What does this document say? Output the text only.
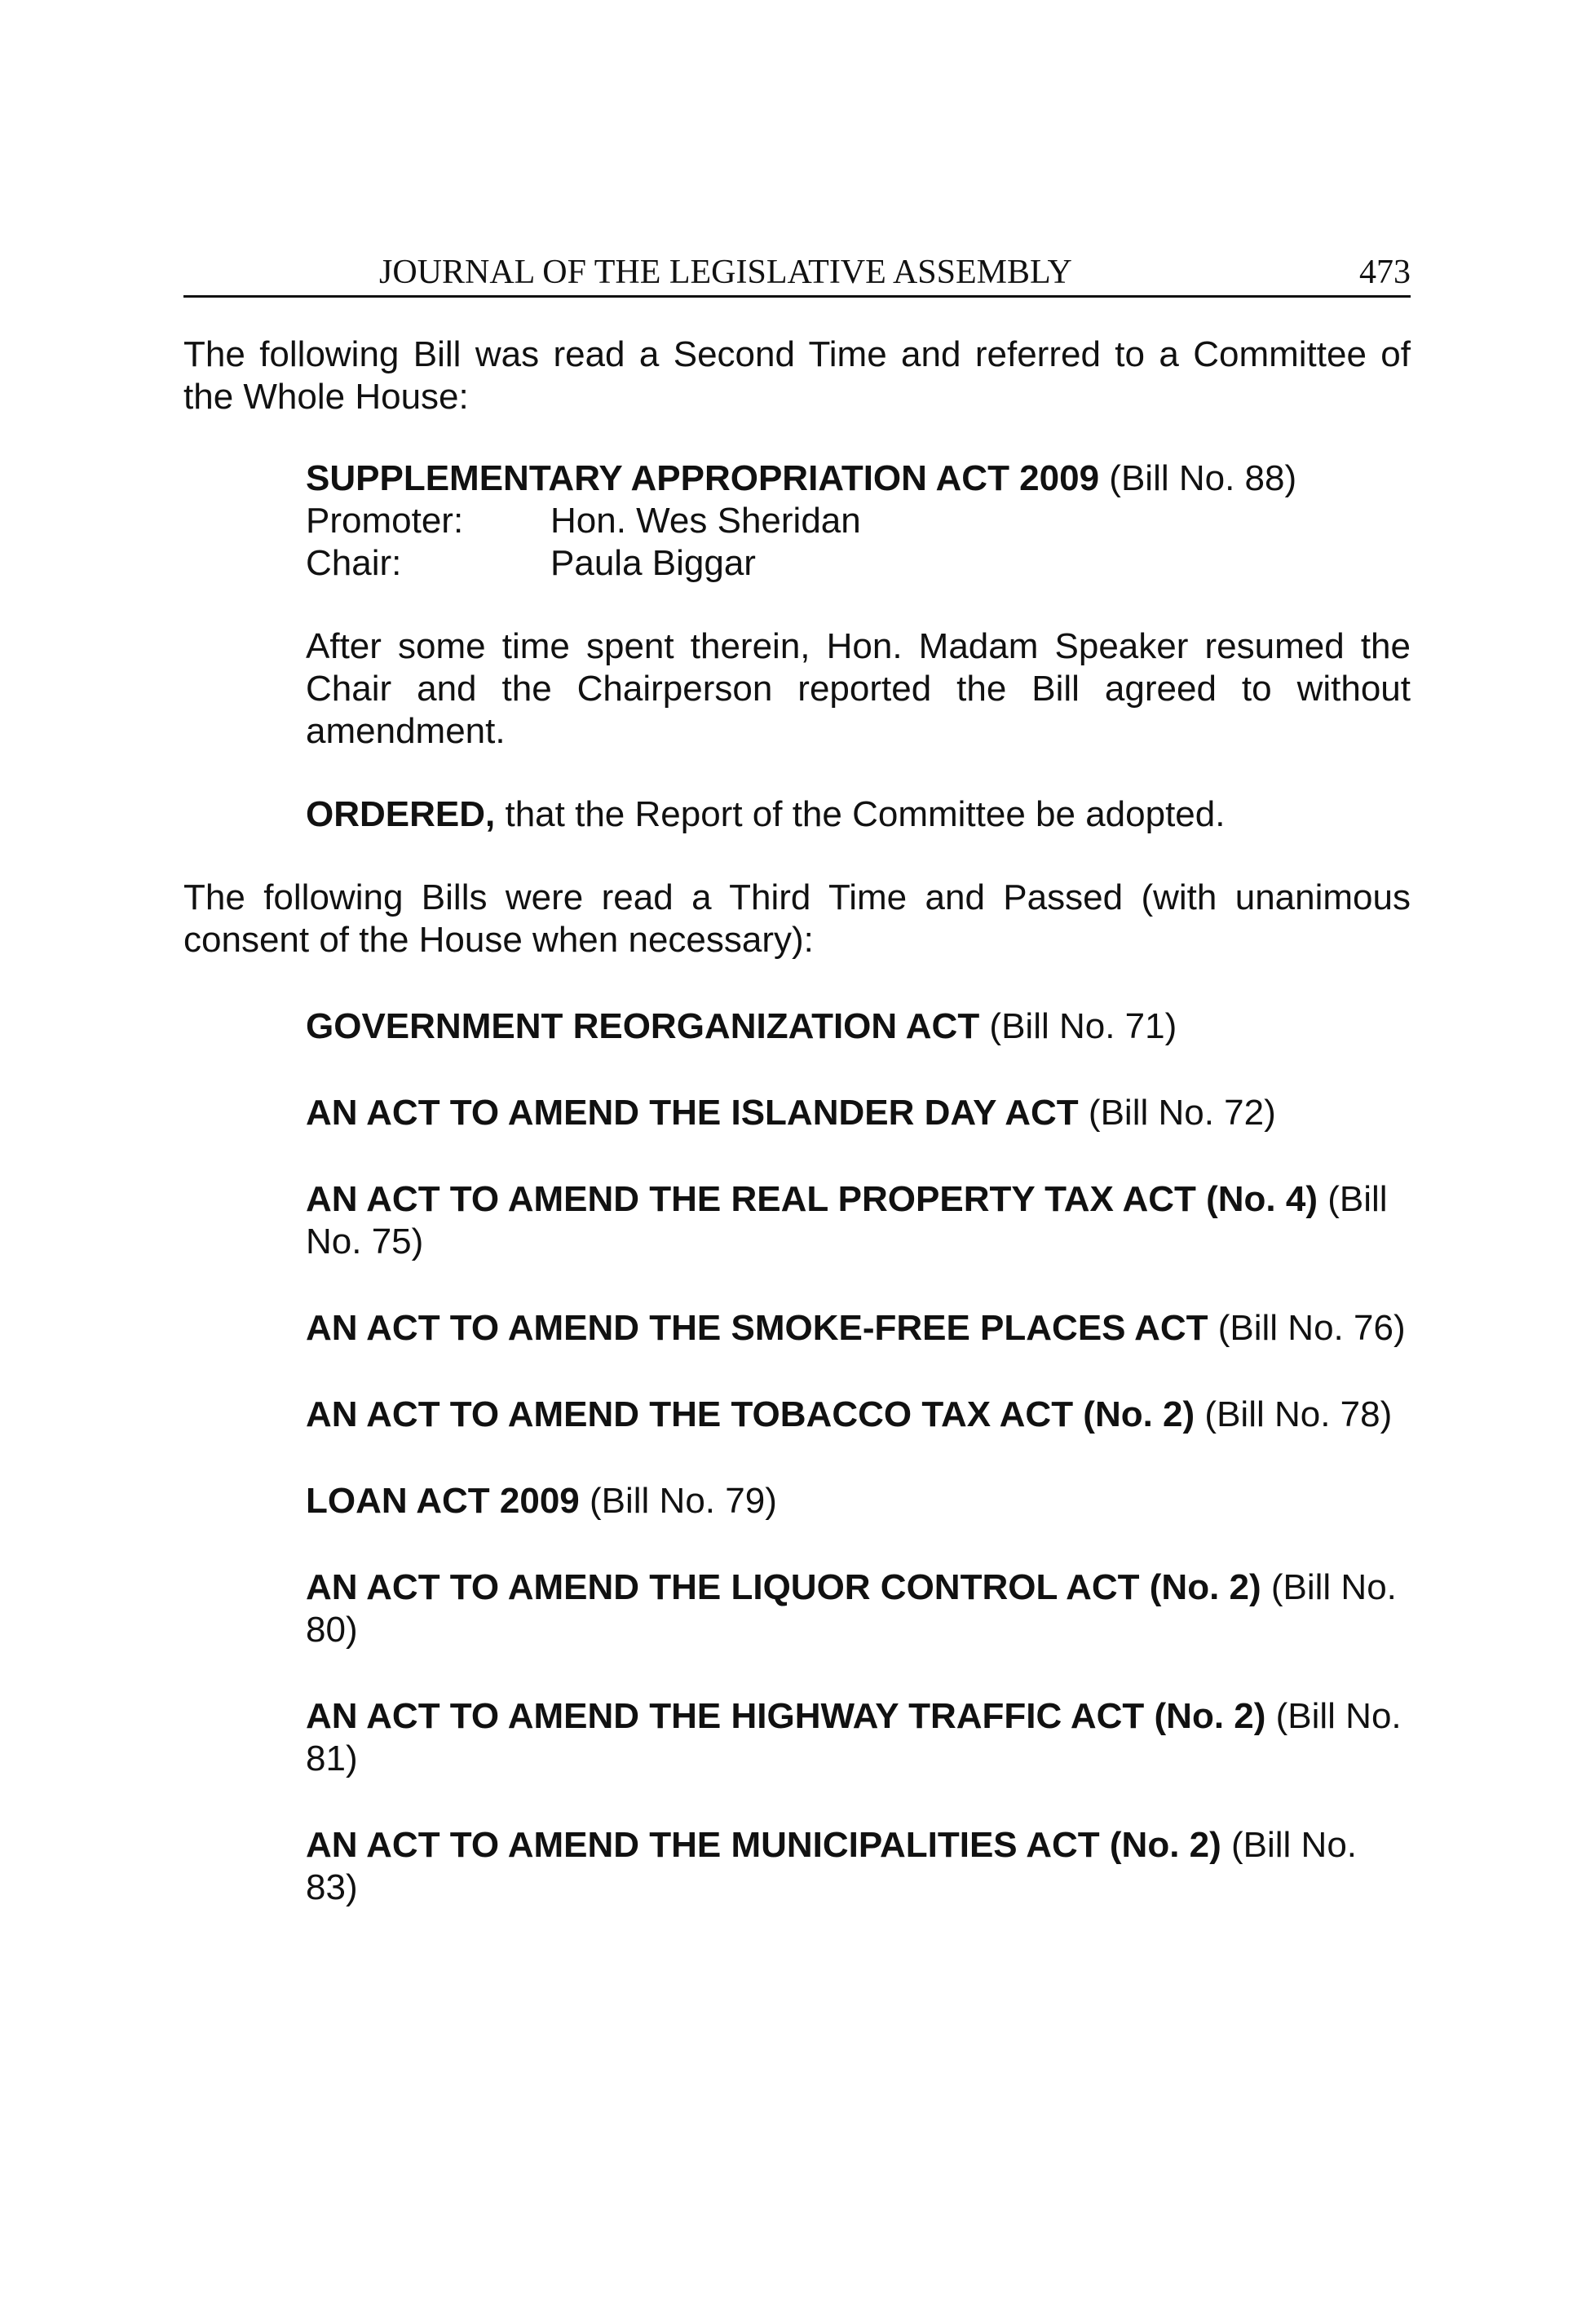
JOURNAL OF THE LEGISLATIVE ASSEMBLY	473

The following Bill was read a Second Time and referred to a Committee of the Whole House:

SUPPLEMENTARY APPROPRIATION ACT 2009 (Bill No. 88)

Promoter:	Hon. Wes Sheridan
Chair:	Paula Biggar

After some time spent therein, Hon. Madam Speaker resumed the Chair and the Chairperson reported the Bill agreed to without amendment.

ORDERED, that the Report of the Committee be adopted.

The following Bills were read a Third Time and Passed (with unanimous consent of the House when necessary):

GOVERNMENT REORGANIZATION ACT (Bill No. 71)

AN ACT TO AMEND THE ISLANDER DAY ACT (Bill No. 72)

AN ACT TO AMEND THE REAL PROPERTY TAX ACT (No. 4) (Bill No. 75)

AN ACT TO AMEND THE SMOKE-FREE PLACES ACT (Bill No. 76)

AN ACT TO AMEND THE TOBACCO TAX ACT (No. 2) (Bill No. 78)

LOAN ACT 2009 (Bill No. 79)

AN ACT TO AMEND THE LIQUOR CONTROL ACT (No. 2) (Bill No. 80)

AN ACT TO AMEND THE HIGHWAY TRAFFIC ACT (No. 2) (Bill No. 81)

AN ACT TO AMEND THE MUNICIPALITIES ACT (No. 2) (Bill No. 83)
